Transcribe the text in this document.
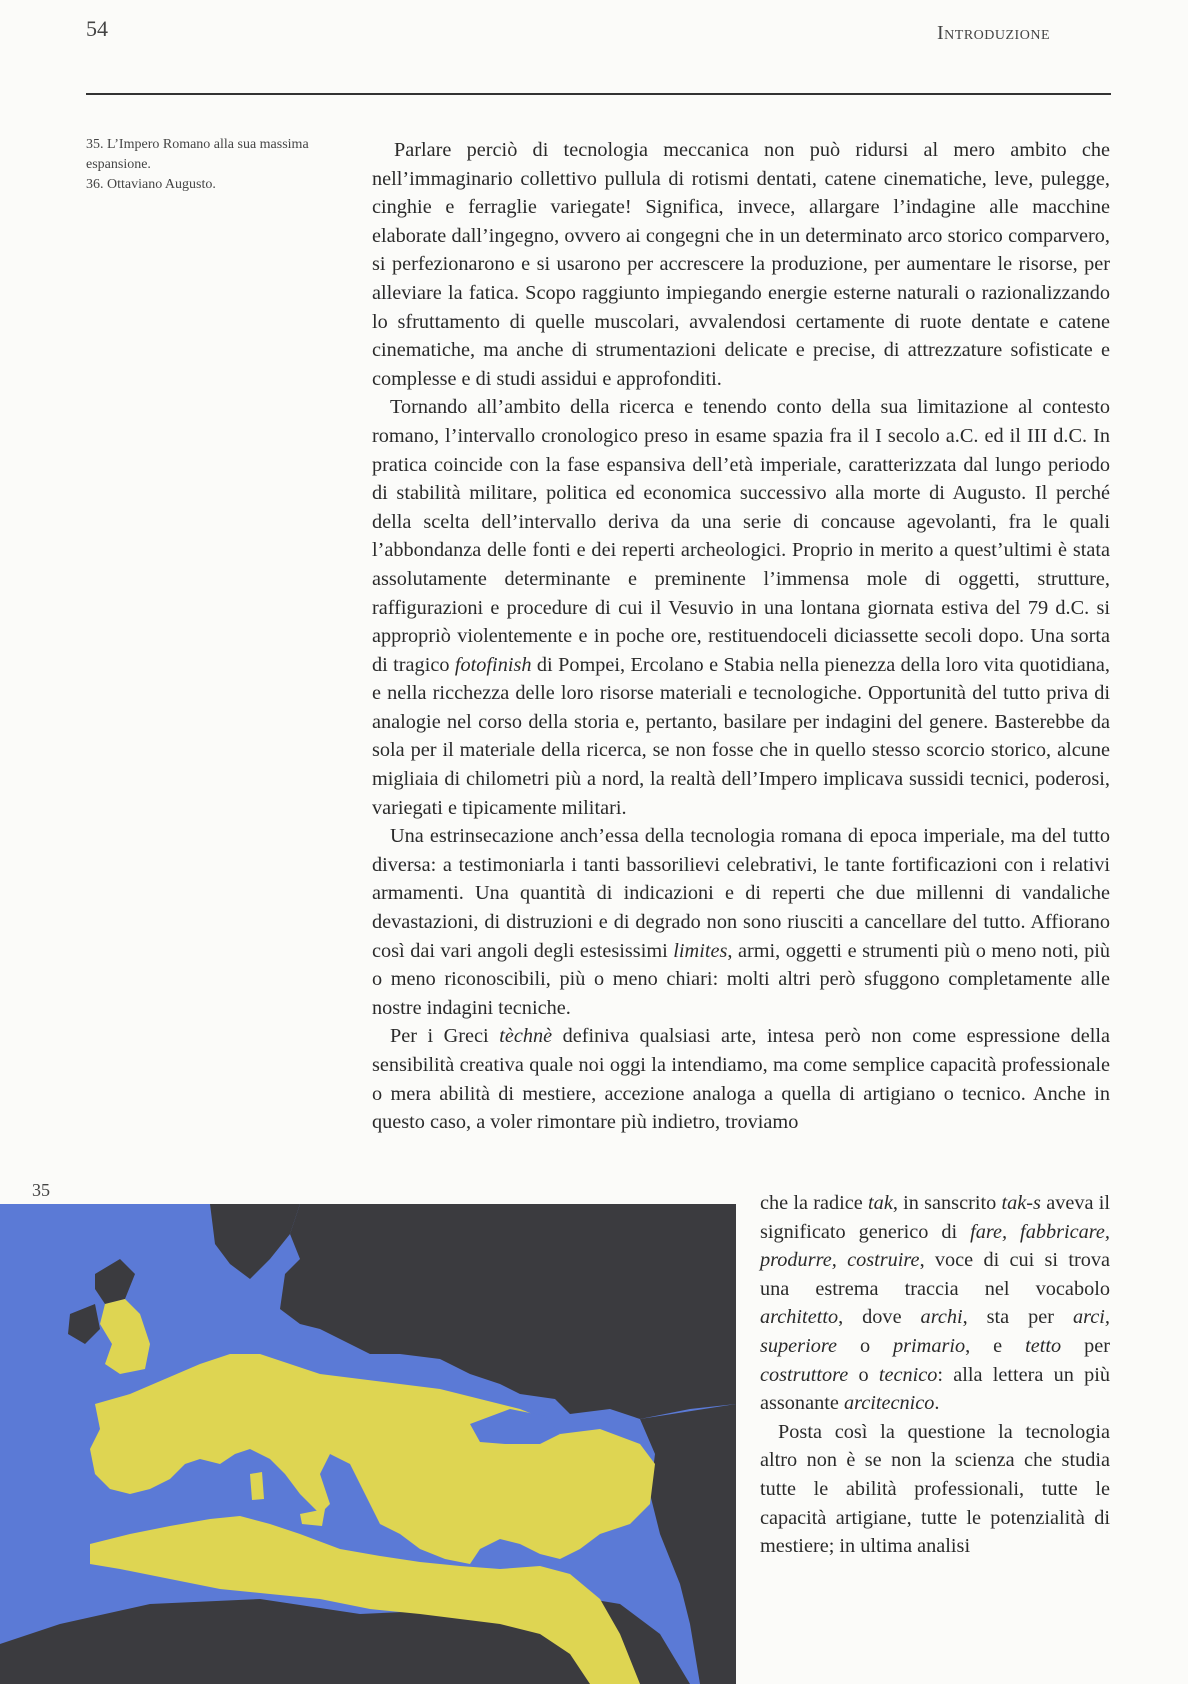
54	Introduzione

35. L’Impero Romano alla sua massima espansione.

36. Ottaviano Augusto.

Parlare perciò di tecnologia meccanica non può ridursi al mero ambito che nell’immaginario collettivo pullula di rotismi dentati, catene cinematiche, leve, pulegge, cinghie e ferraglie variegate! Significa, invece, allargare l’indagine alle macchine elaborate dall’ingegno, ovvero ai congegni che in un determinato arco storico comparvero, si perfezionarono e si usarono per accrescere la produzione, per aumentare le risorse, per alleviare la fatica. Scopo raggiunto impiegando energie esterne naturali o razionalizzando lo sfruttamento di quelle muscolari, avvalendosi certamente di ruote dentate e catene cinematiche, ma anche di strumentazioni delicate e precise, di attrezzature sofisticate e complesse e di studi assidui e approfonditi.

Tornando all’ambito della ricerca e tenendo conto della sua limitazione al contesto romano, l’intervallo cronologico preso in esame spazia fra il I secolo a.C. ed il III d.C. In pratica coincide con la fase espansiva dell’età imperiale, caratterizzata dal lungo periodo di stabilità militare, politica ed economica successivo alla morte di Augusto. Il perché della scelta dell’intervallo deriva da una serie di concause agevolanti, fra le quali l’abbondanza delle fonti e dei reperti archeologici. Proprio in merito a quest’ultimi è stata assolutamente determinante e preminente l’immensa mole di oggetti, strutture, raffigurazioni e procedure di cui il Vesuvio in una lontana giornata estiva del 79 d.C. si appropriò violentemente e in poche ore, restituendoceli diciassette secoli dopo. Una sorta di tragico fotofinish di Pompei, Ercolano e Stabia nella pienezza della loro vita quotidiana, e nella ricchezza delle loro risorse materiali e tecnologiche. Opportunità del tutto priva di analogie nel corso della storia e, pertanto, basilare per indagini del genere. Basterebbe da sola per il materiale della ricerca, se non fosse che in quello stesso scorcio storico, alcune migliaia di chilometri più a nord, la realtà dell’Impero implicava sussidi tecnici, poderosi, variegati e tipicamente militari.

Una estrinsecazione anch’essa della tecnologia romana di epoca imperiale, ma del tutto diversa: a testimoniarla i tanti bassorilievi celebrativi, le tante fortificazioni con i relativi armamenti. Una quantità di indicazioni e di reperti che due millenni di vandaliche devastazioni, di distruzioni e di degrado non sono riusciti a cancellare del tutto. Affiorano così dai vari angoli degli estesissimi limites, armi, oggetti e strumenti più o meno noti, più o meno riconoscibili, più o meno chiari: molti altri però sfuggono completamente alle nostre indagini tecniche.

Per i Greci tèchnè definiva qualsiasi arte, intesa però non come espressione della sensibilità creativa quale noi oggi la intendiamo, ma come semplice capacità professionale o mera abilità di mestiere, accezione analoga a quella di artigiano o tecnico. Anche in questo caso, a voler rimontare più indietro, troviamo

35

che la radice tak, in sanscrito tak-s aveva il significato generico di fare, fabbricare, produrre, costruire, voce di cui si trova una estrema traccia nel vocabolo architetto, dove archi, sta per arci, superiore o primario, e tetto per costruttore o tecnico: alla lettera un più assonante arcitecnico.

Posta così la questione la tecnologia altro non è se non la scienza che studia tutte le abilità professionali, tutte le capacità artigiane, tutte le potenzialità di mestiere; in ultima analisi
